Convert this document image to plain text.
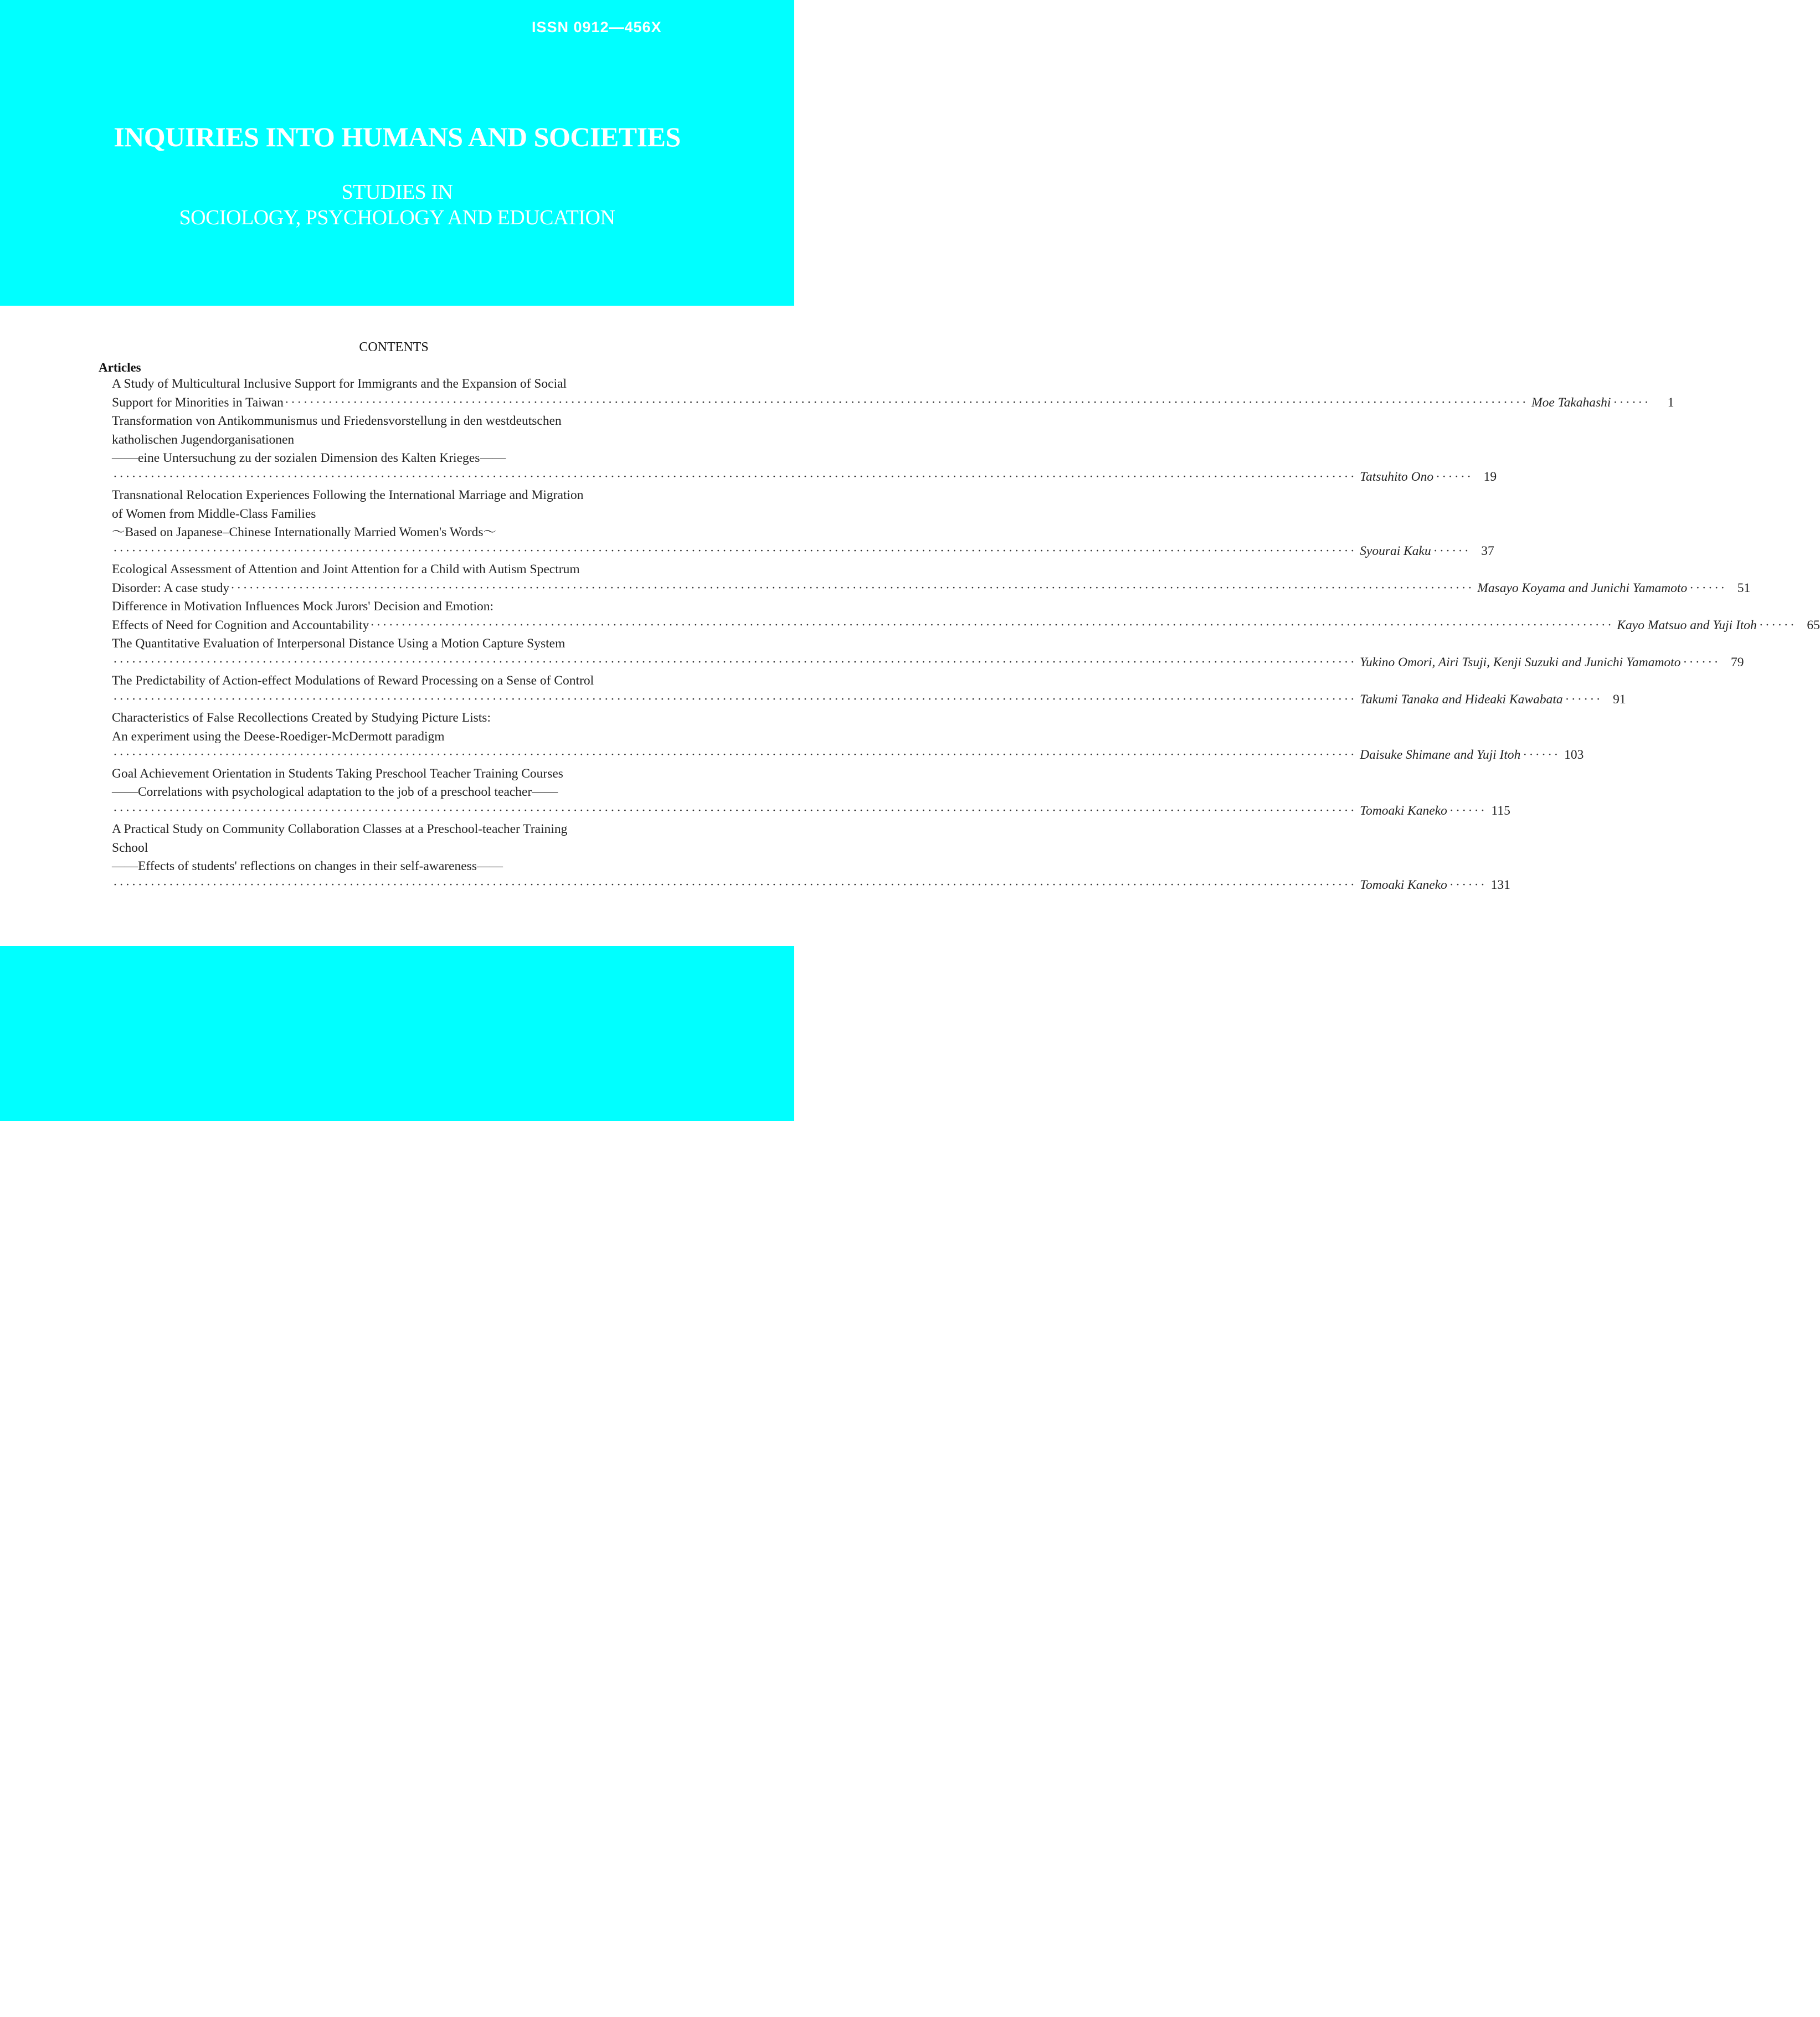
ISSN 0912—456X
INQUIRIES INTO HUMANS AND SOCIETIES
STUDIES IN
SOCIOLOGY, PSYCHOLOGY AND EDUCATION
CONTENTS
Articles
A Study of Multicultural Inclusive Support for Immigrants and the Expansion of Social
Support for Minorities in Taiwan ········································································································································································································ Moe Takahashi ······	1
Transformation von Antikommunismus und Friedensvorstellung in den westdeutschen
katholischen Jugendorganisationen
——eine Untersuchung zu der sozialen Dimension des Kalten Krieges——
········································································································································································································ Tatsuhito Ono ······ 19
Transnational Relocation Experiences Following the International Marriage and Migration
of Women from Middle-Class Families
～Based on Japanese–Chinese Internationally Married Women's Words～
········································································································································································································ Syourai Kaku ······ 37
Ecological Assessment of Attention and Joint Attention for a Child with Autism Spectrum
Disorder: A case study ········································································································································································································ Masayo Koyama and Junichi Yamamoto ······ 51
Difference in Motivation Influences Mock Jurors' Decision and Emotion:
Effects of Need for Cognition and Accountability ········································································································································································································ Kayo Matsuo and Yuji Itoh ······ 65
The Quantitative Evaluation of Interpersonal Distance Using a Motion Capture System
········································································································································································································ Yukino Omori, Airi Tsuji, Kenji Suzuki and Junichi Yamamoto ······ 79
The Predictability of Action-effect Modulations of Reward Processing on a Sense of Control
········································································································································································································ Takumi Tanaka and Hideaki Kawabata ······ 91
Characteristics of False Recollections Created by Studying Picture Lists:
An experiment using the Deese-Roediger-McDermott paradigm
········································································································································································································ Daisuke Shimane and Yuji Itoh ······ 103
Goal Achievement Orientation in Students Taking Preschool Teacher Training Courses
——Correlations with psychological adaptation to the job of a preschool teacher——
········································································································································································································ Tomoaki Kaneko ······ 115
A Practical Study on Community Collaboration Classes at a Preschool-teacher Training
School
——Effects of students' reflections on changes in their self-awareness——
········································································································································································································ Tomoaki Kaneko ······ 131
Edited and Published by The Division of Human Relations
Graduate School of Keio University
Mita, Minato-ku
Tokyo, Japan
